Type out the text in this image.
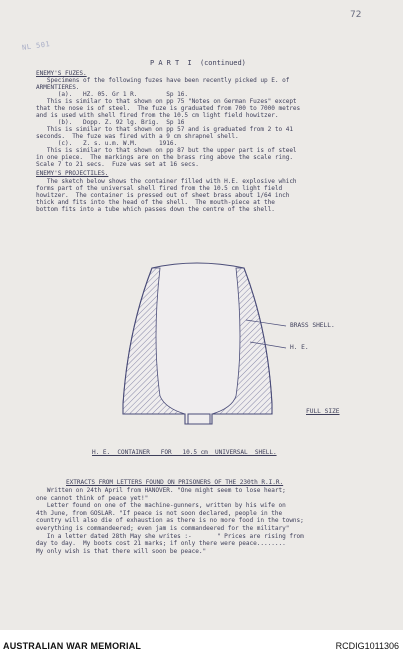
NL 501
72
P A R T  I  (continued)
ENEMY'S FUZES.
Specimens of the following fuzes have been recently picked up E. of
ARMENTIERES.
(a).   HZ. 05. Gr 1 R.        Sp 16.
This is similar to that shown on pp 75 "Notes on German Fuzes" except
that the nose is of steel.  The fuze is graduated from 700 to 7000 metres
and is used with shell fired from the 10.5 cm light field howitzer.
(b).   Dopp. Z. 92 lg. Brig.  Sp 16
This is similar to that shown on pp 57 and is graduated from 2 to 41
seconds.  The fuze was fired with a 9 cm shrapnel shell.
(c).   Z. s. u.m. W.M.      1916.
This is similar to that shown on pp 87 but the upper part is of steel
in one piece.  The markings are on the brass ring above the scale ring.
Scale 7 to 21 secs.  Fuze was set at 16 secs.
ENEMY'S PROJECTILES.
The sketch below shows the container filled with H.E. explosive which
forms part of the universal shell fired from the 10.5 cm light field
howitzer.  The container is pressed out of sheet brass about 1/64 inch
thick and fits into the head of the shell.  The mouth-piece at the
bottom fits into a tube which passes down the centre of the shell.
BRASS SHELL.
H. E.
FULL SIZE
H. E.  CONTAINER   FOR   10.5 cm  UNIVERSAL  SHELL.
EXTRACTS FROM LETTERS FOUND ON PRISONERS OF THE 230th R.I.R.
Written on 24th April from HANOVER. "One might seem to lose heart;
one cannot think of peace yet!"
Letter found on one of the machine-gunners, written by his wife on
4th June, from GOSLAR. "If peace is not soon declared, people in the
country will also die of exhaustion as there is no more food in the towns;
everything is commandeered; even jam is commandeered for the military"
In a letter dated 28th May she writes :-       " Prices are rising from
day to day.  My boots cost 21 marks; if only there were peace........
My only wish is that there will soon be peace."
AUSTRALIAN WAR MEMORIAL	RCDIG1011306
